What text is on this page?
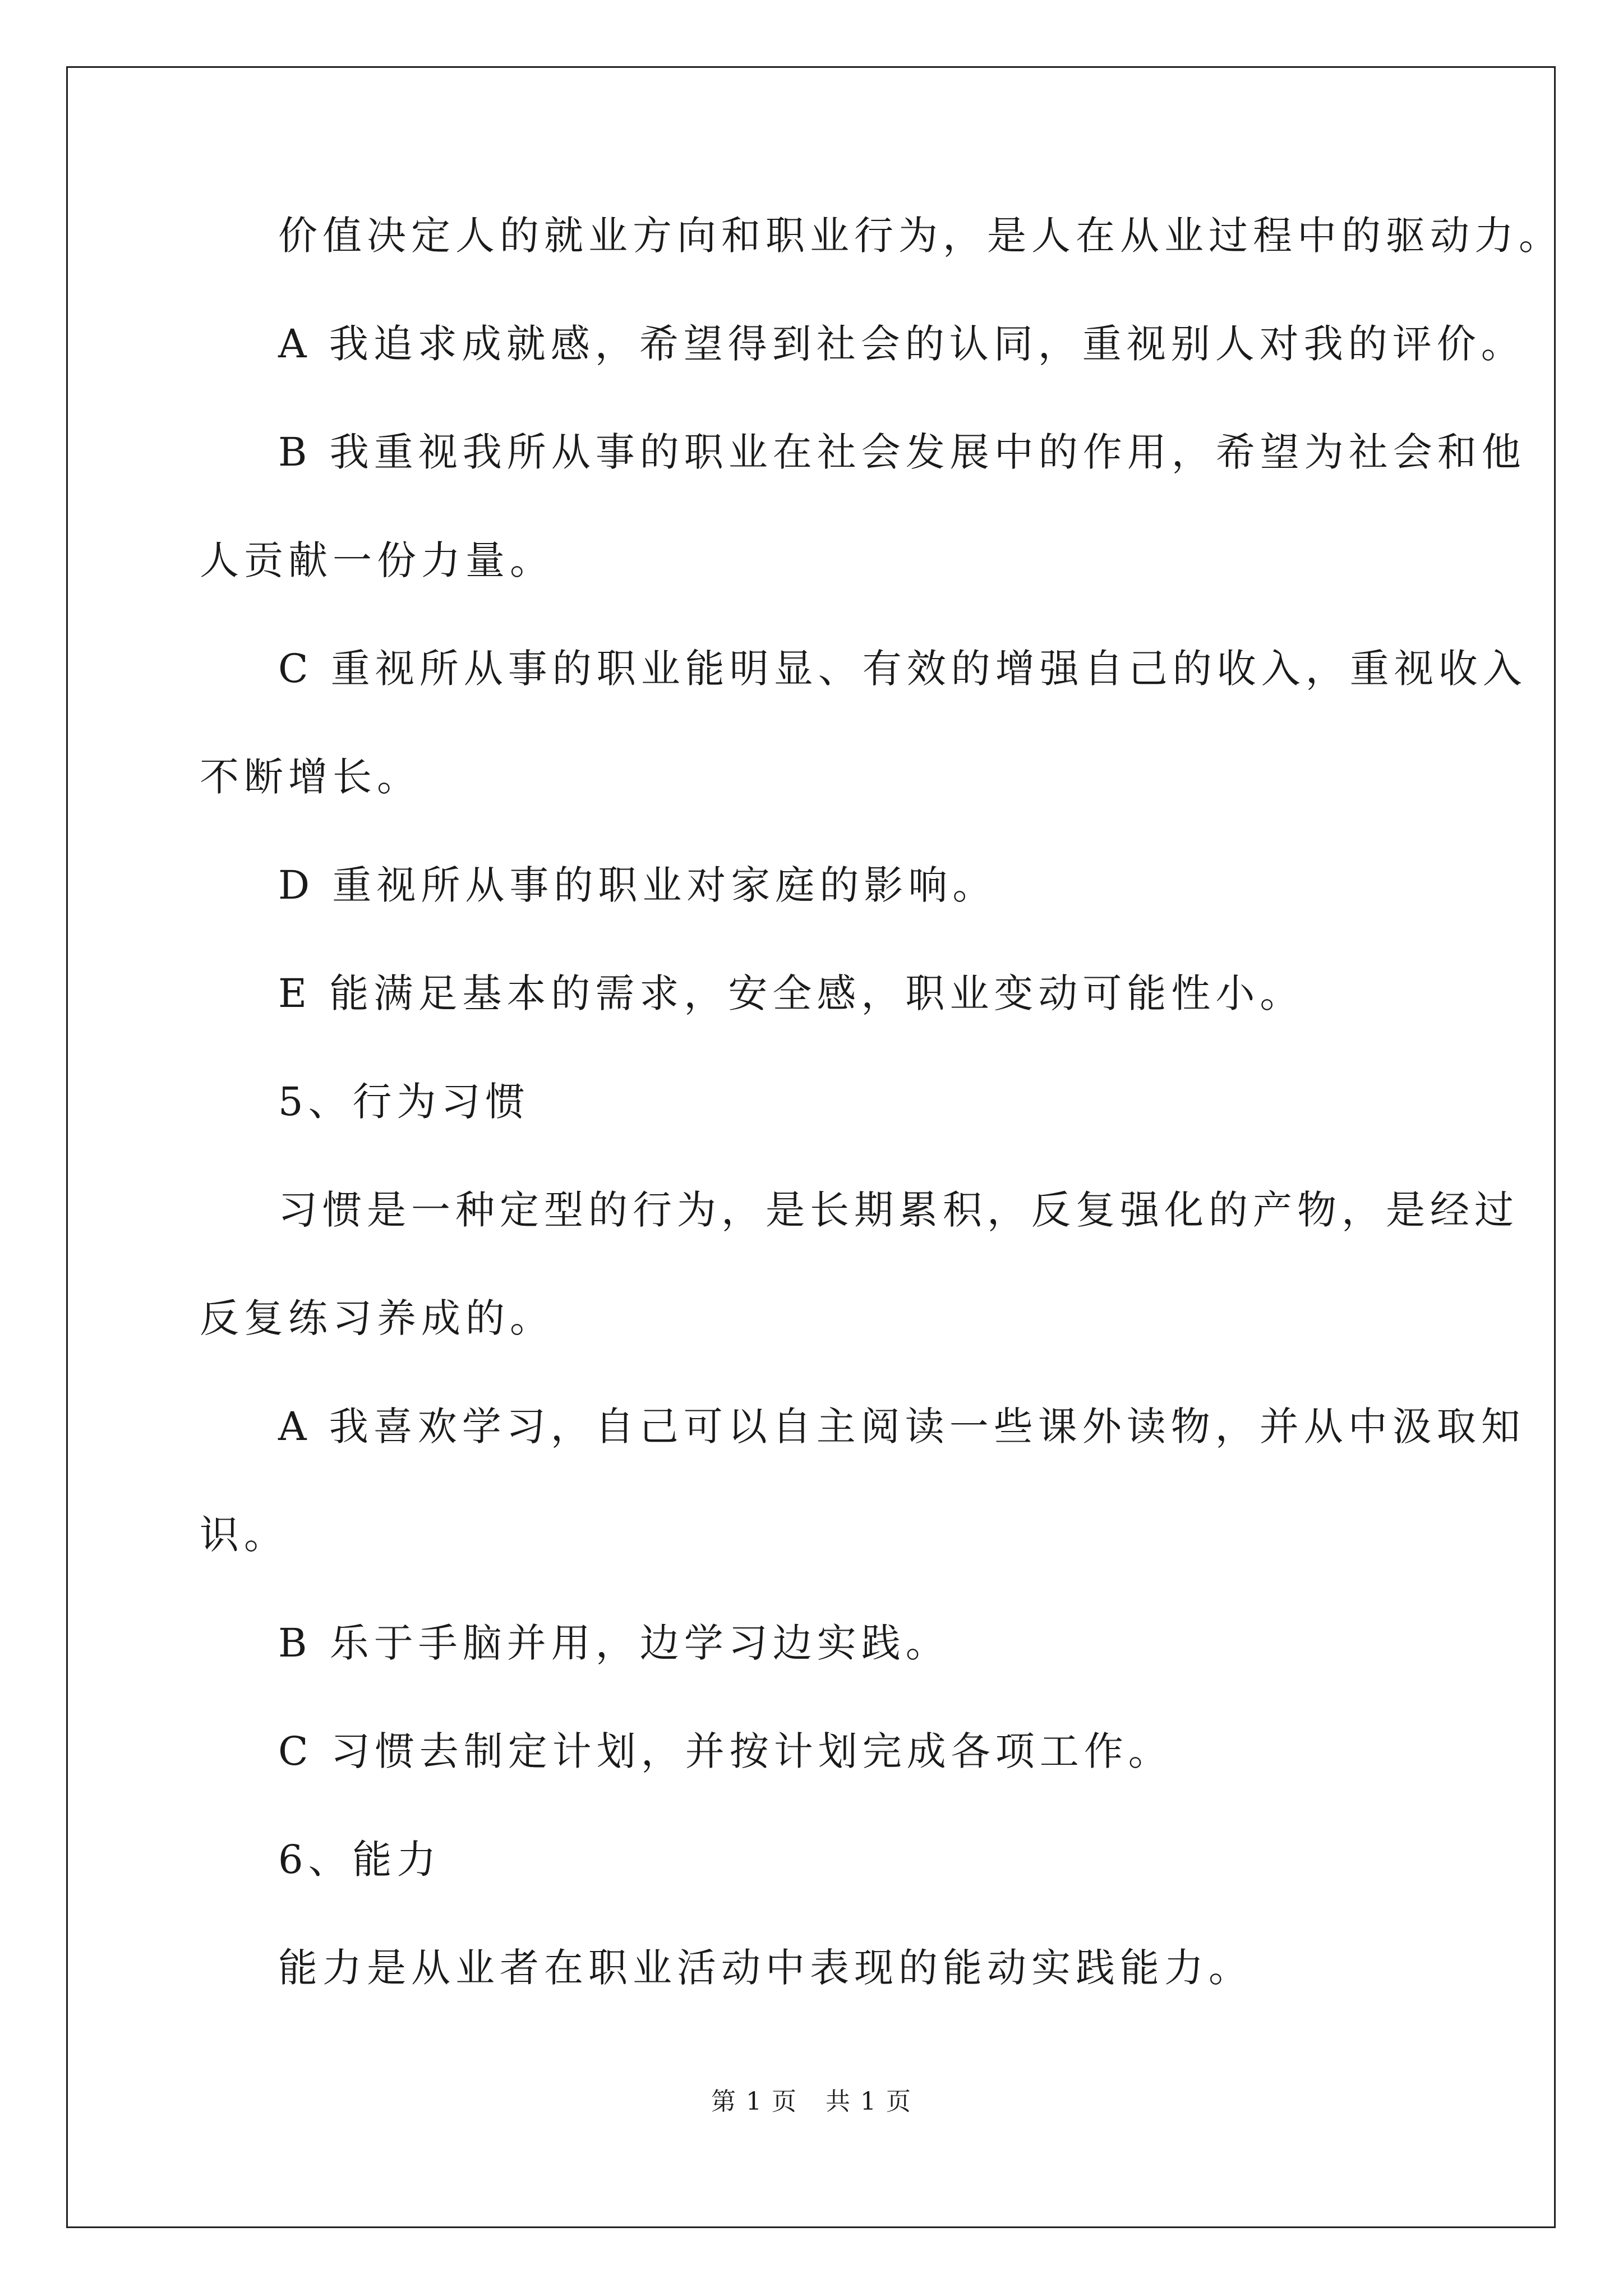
价值决定人的就业方向和职业行为，是人在从业过程中的驱动力。

A 我追求成就感，希望得到社会的认同，重视别人对我的评价。

B 我重视我所从事的职业在社会发展中的作用，希望为社会和他
人贡献一份力量。

C 重视所从事的职业能明显、有效的增强自己的收入，重视收入
不断增长。

D 重视所从事的职业对家庭的影响。

E 能满足基本的需求，安全感，职业变动可能性小。

5、行为习惯

习惯是一种定型的行为，是长期累积，反复强化的产物，是经过
反复练习养成的。

A 我喜欢学习，自己可以自主阅读一些课外读物，并从中汲取知
识。

B 乐于手脑并用，边学习边实践。

C 习惯去制定计划，并按计划完成各项工作。

6、能力

能力是从业者在职业活动中表现的能动实践能力。

第 1 页 共 1 页
